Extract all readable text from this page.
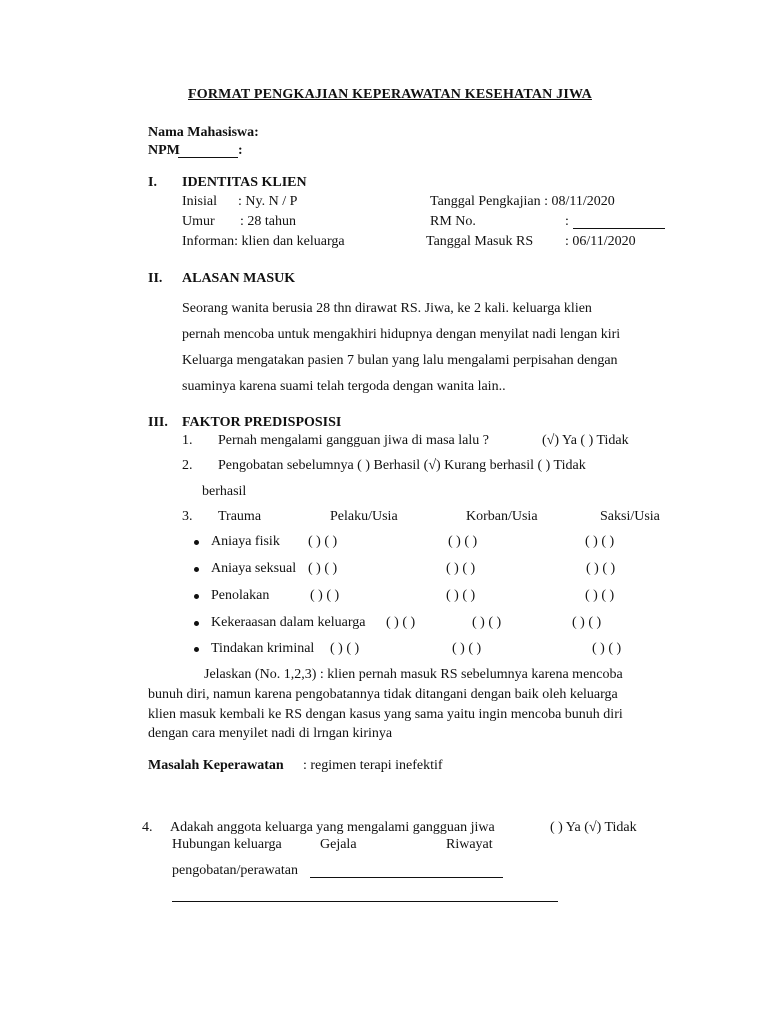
FORMAT PENGKAJIAN KEPERAWATAN KESEHATAN JIWA
Nama Mahasiswa:
NPM	:
I. IDENTITAS KLIEN
Inisial : Ny. N / P	Tanggal Pengkajian : 08/11/2020
Umur : 28 tahun	RM No.	:
Informan: klien dan keluarga	Tanggal Masuk RS : 06/11/2020
II. ALASAN MASUK
Seorang wanita berusia 28 thn dirawat RS. Jiwa, ke 2 kali. keluarga klien
pernah mencoba untuk mengakhiri hidupnya dengan menyilat nadi lengan kiri
Keluarga mengatakan pasien 7 bulan yang lalu mengalami perpisahan dengan
suaminya karena suami telah tergoda dengan wanita lain..
III. FAKTOR PREDISPOSISI
1. Pernah mengalami gangguan jiwa di masa lalu ?	(√) Ya ( ) Tidak
2. Pengobatan sebelumnya ( ) Berhasil (√) Kurang berhasil ( ) Tidak
berhasil
3. Trauma	Pelaku/Usia	Korban/Usia	Saksi/Usia
Aniaya fisik ( ) ( )	( ) ( )	( ) ( )
Aniaya seksual ( ) ( )	( ) ( )	( ) ( )
Penolakan	( ) ( )	( ) ( )	( ) ( )
Kekeraasan dalam keluarga ( ) ( )	( ) ( )	( ) ( )
Tindakan kriminal ( ) ( )	( ) ( )	( ) ( )
Jelaskan (No. 1,2,3) : klien pernah masuk RS sebelumnya karena mencoba
bunuh diri, namun karena pengobatannya tidak ditangani dengan baik oleh keluarga
klien masuk kembali ke RS dengan kasus yang sama yaitu ingin mencoba bunuh diri
dengan cara menyilet nadi di lrngan kirinya
Masalah Keperawatan : regimen terapi inefektif
4. Adakah anggota keluarga yang mengalami gangguan jiwa	( ) Ya (√) Tidak
Hubungan keluarga	Gejala	Riwayat
pengobatan/perawatan
